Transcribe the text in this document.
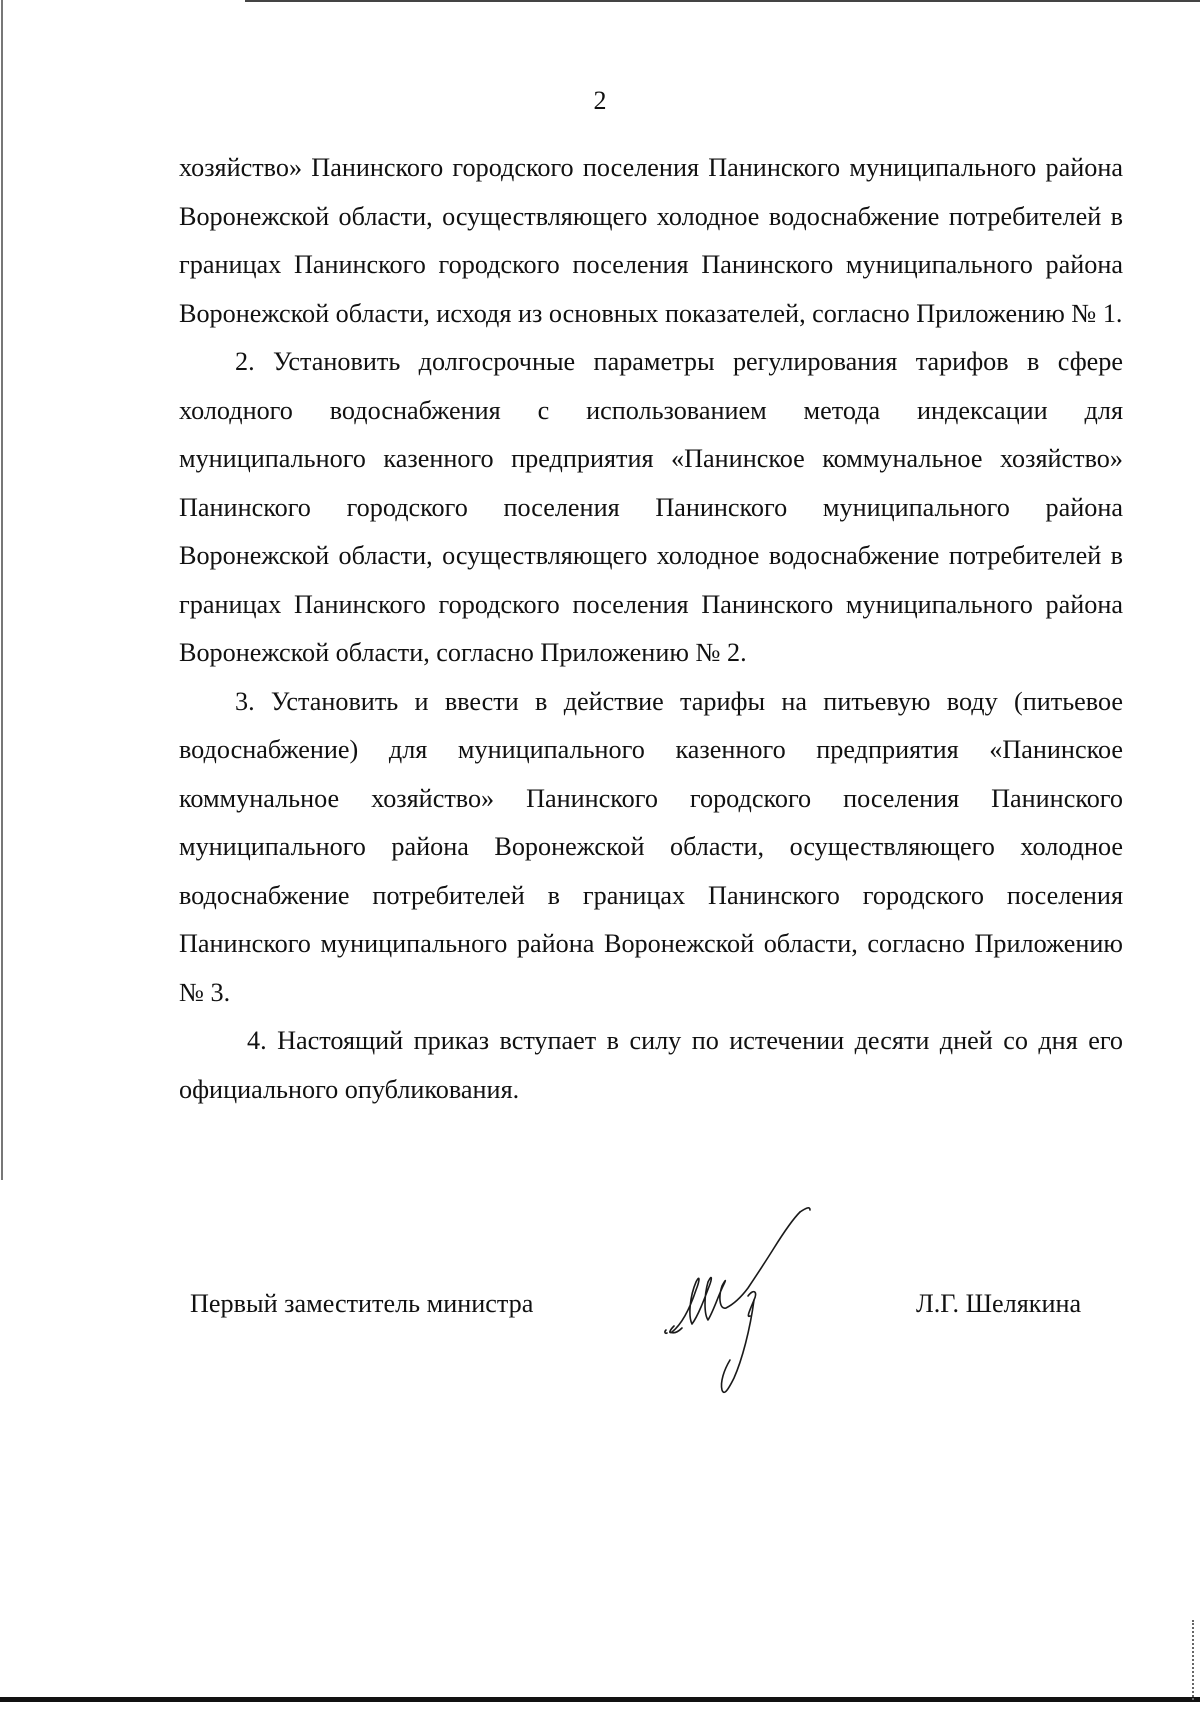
2

хозяйство» Панинского городского поселения Панинского муниципального района Воронежской области, осуществляющего холодное водоснабжение потребителей в границах Панинского городского поселения Панинского муниципального района Воронежской области, исходя из основных показателей, согласно Приложению № 1.

2. Установить долгосрочные параметры регулирования тарифов в сфере холодного водоснабжения с использованием метода индексации для муниципального казенного предприятия «Панинское коммунальное хозяйство» Панинского городского поселения Панинского муниципального района Воронежской области, осуществляющего холодное водоснабжение потребителей в границах Панинского городского поселения Панинского муниципального района Воронежской области, согласно Приложению № 2.

3. Установить и ввести в действие тарифы на питьевую воду (питьевое водоснабжение) для муниципального казенного предприятия «Панинское коммунальное хозяйство» Панинского городского поселения Панинского муниципального района Воронежской области, осуществляющего холодное водоснабжение потребителей в границах Панинского городского поселения Панинского муниципального района Воронежской области, согласно Приложению № 3.

4. Настоящий приказ вступает в силу по истечении десяти дней со дня его официального опубликования.

Первый заместитель министра	Л.Г. Шелякина
